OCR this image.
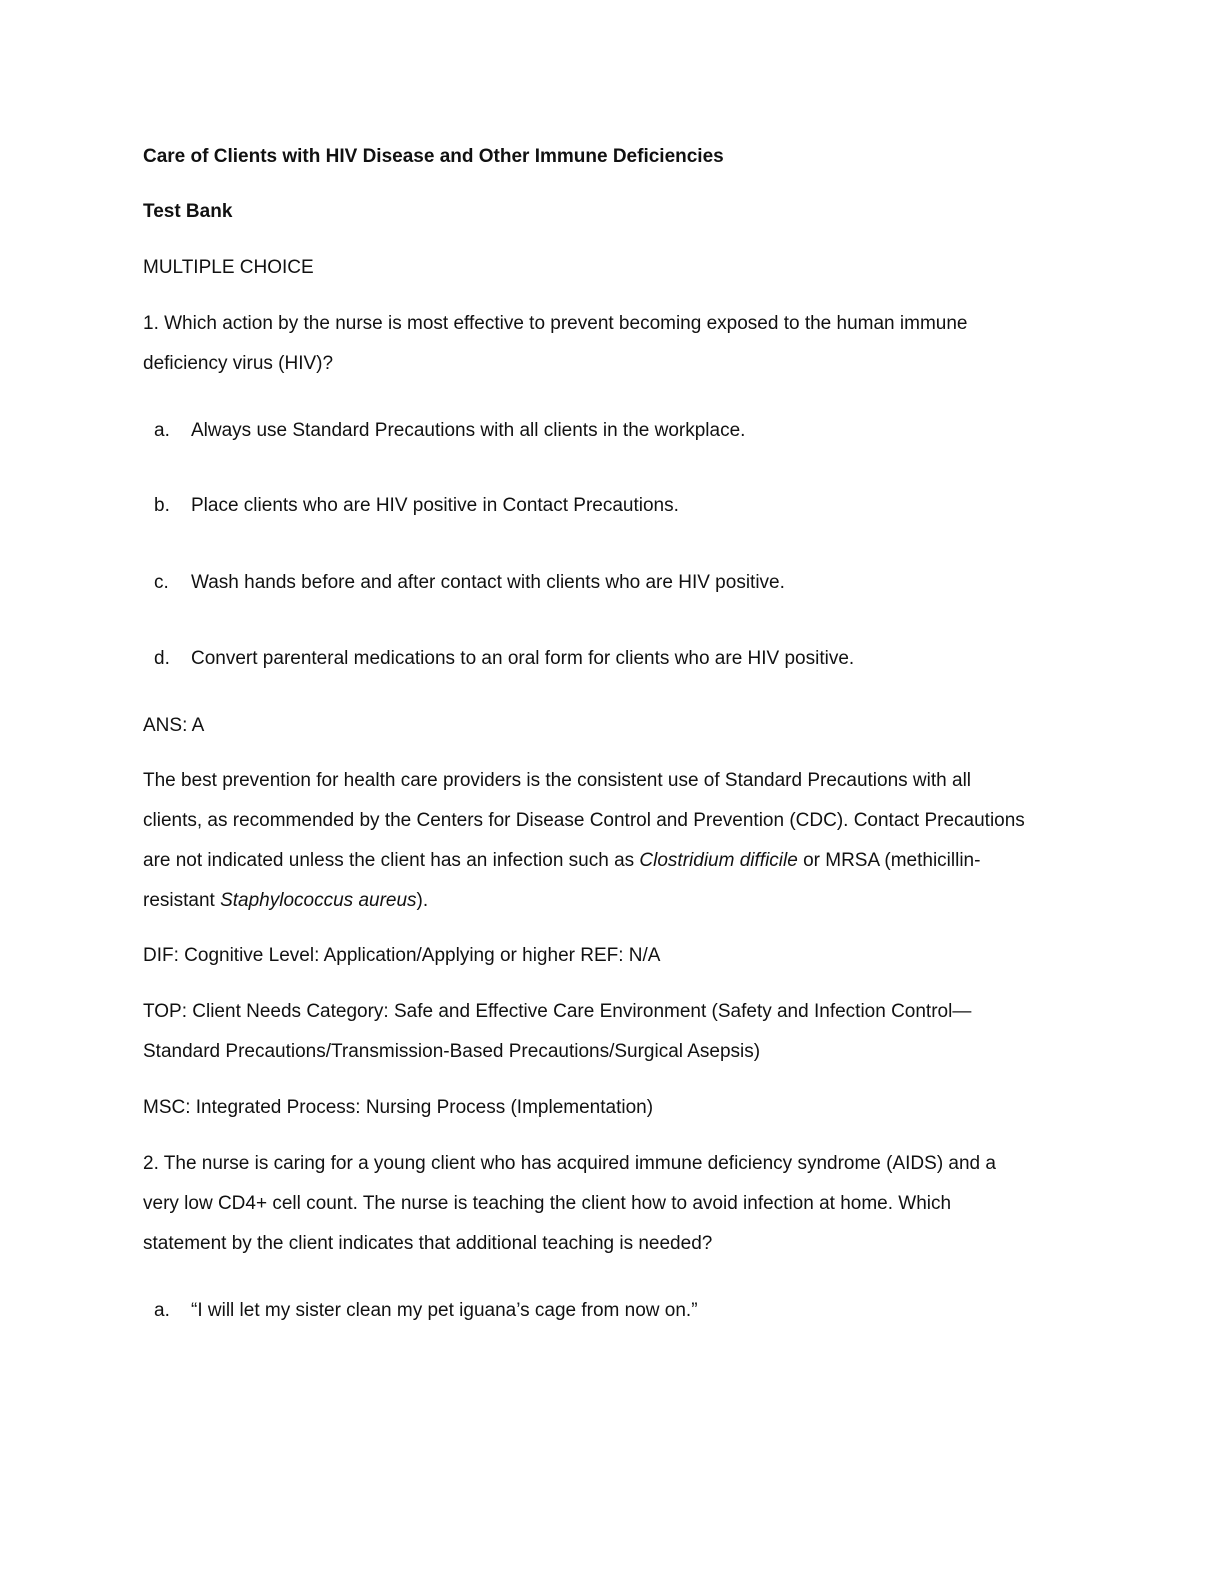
Care of Clients with HIV Disease and Other Immune Deficiencies
Test Bank
MULTIPLE CHOICE
1. Which action by the nurse is most effective to prevent becoming exposed to the human immune
deficiency virus (HIV)?
a. Always use Standard Precautions with all clients in the workplace.
b. Place clients who are HIV positive in Contact Precautions.
c. Wash hands before and after contact with clients who are HIV positive.
d. Convert parenteral medications to an oral form for clients who are HIV positive.
ANS: A
The best prevention for health care providers is the consistent use of Standard Precautions with all
clients, as recommended by the Centers for Disease Control and Prevention (CDC). Contact Precautions
are not indicated unless the client has an infection such as Clostridium difficile or MRSA (methicillin-
resistant Staphylococcus aureus).
DIF: Cognitive Level: Application/Applying or higher REF: N/A
TOP: Client Needs Category: Safe and Effective Care Environment (Safety and Infection Control—
Standard Precautions/Transmission-Based Precautions/Surgical Asepsis)
MSC: Integrated Process: Nursing Process (Implementation)
2. The nurse is caring for a young client who has acquired immune deficiency syndrome (AIDS) and a
very low CD4+ cell count. The nurse is teaching the client how to avoid infection at home. Which
statement by the client indicates that additional teaching is needed?
a. “I will let my sister clean my pet iguana’s cage from now on.”
